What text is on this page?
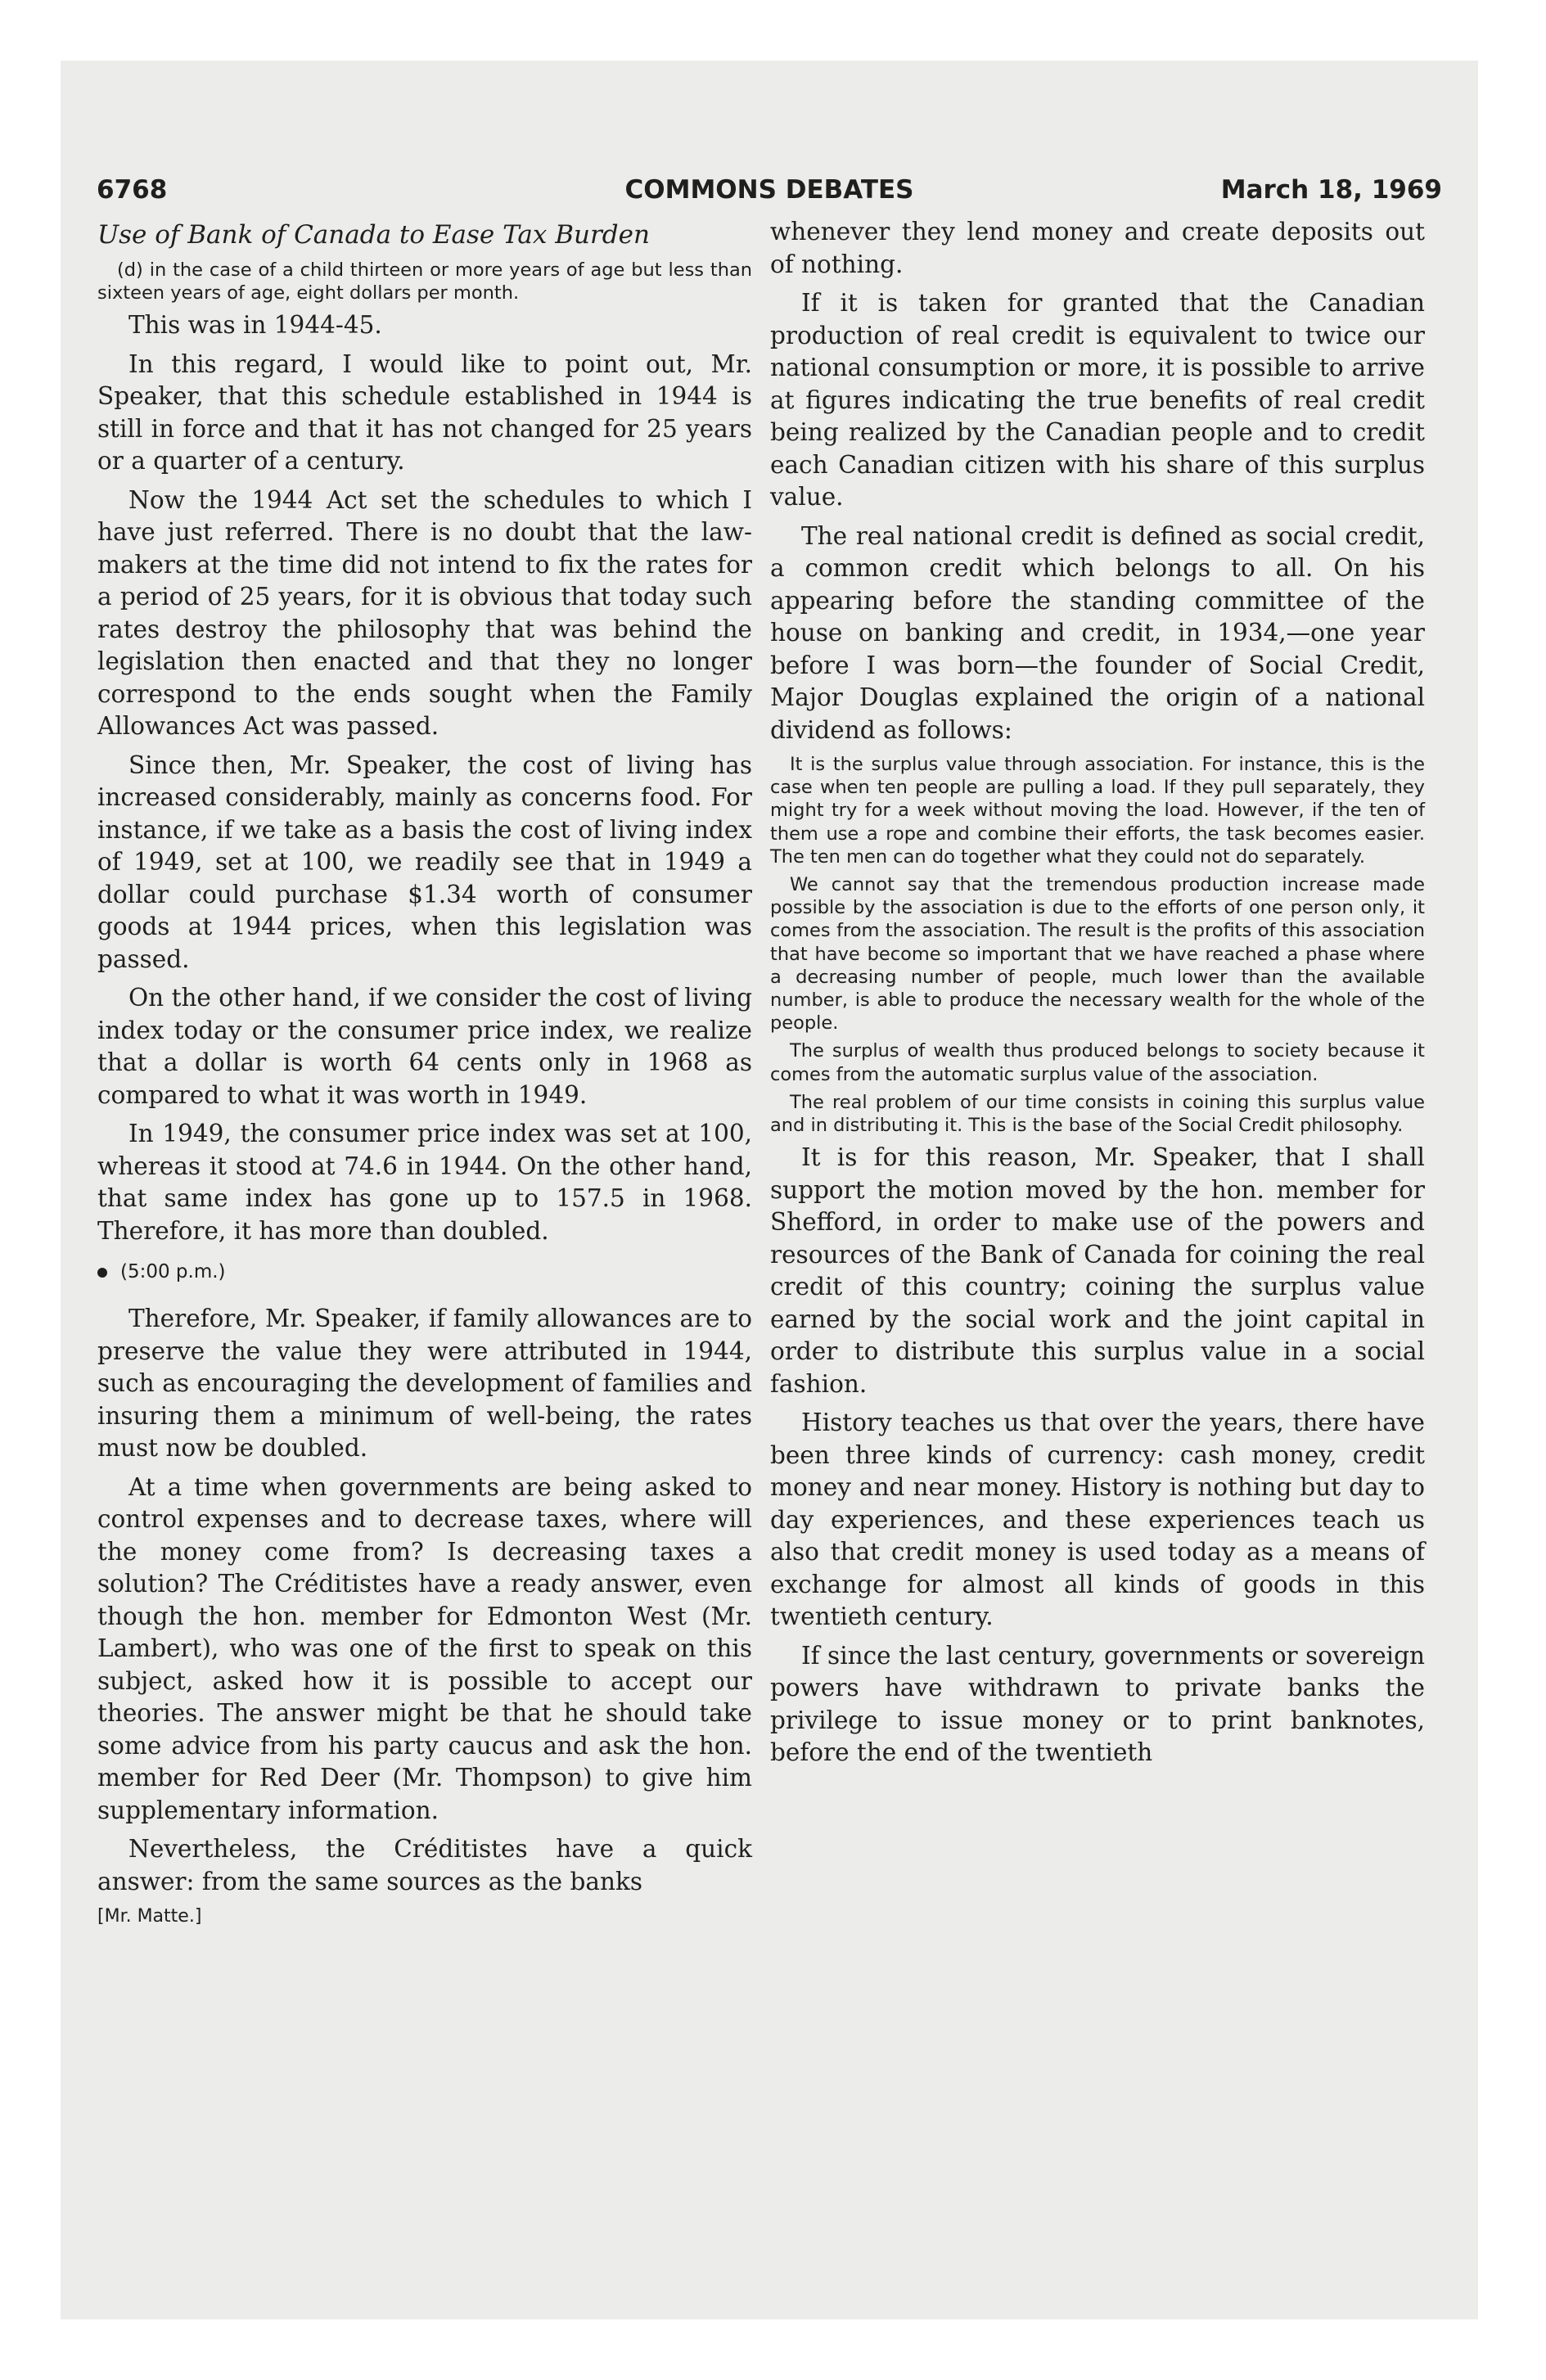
6768	COMMONS DEBATES	March 18, 1969
Use of Bank of Canada to Ease Tax Burden

(d) in the case of a child thirteen or more years of age but less than sixteen years of age, eight dollars per month.

This was in 1944-45.

In this regard, I would like to point out, Mr. Speaker, that this schedule established in 1944 is still in force and that it has not changed for 25 years or a quarter of a century.

Now the 1944 Act set the schedules to which I have just referred. There is no doubt that the law-makers at the time did not intend to fix the rates for a period of 25 years, for it is obvious that today such rates destroy the philosophy that was behind the legislation then enacted and that they no longer correspond to the ends sought when the Family Allowances Act was passed.

Since then, Mr. Speaker, the cost of living has increased considerably, mainly as concerns food. For instance, if we take as a basis the cost of living index of 1949, set at 100, we readily see that in 1949 a dollar could purchase $1.34 worth of consumer goods at 1944 prices, when this legislation was passed.

On the other hand, if we consider the cost of living index today or the consumer price index, we realize that a dollar is worth 64 cents only in 1968 as compared to what it was worth in 1949.

In 1949, the consumer price index was set at 100, whereas it stood at 74.6 in 1944. On the other hand, that same index has gone up to 157.5 in 1968. Therefore, it has more than doubled.

(5:00 p.m.)

Therefore, Mr. Speaker, if family allowances are to preserve the value they were attributed in 1944, such as encouraging the development of families and insuring them a minimum of well-being, the rates must now be doubled.

At a time when governments are being asked to control expenses and to decrease taxes, where will the money come from? Is decreasing taxes a solution? The Créditistes have a ready answer, even though the hon. member for Edmonton West (Mr. Lambert), who was one of the first to speak on this subject, asked how it is possible to accept our theories. The answer might be that he should take some advice from his party caucus and ask the hon. member for Red Deer (Mr. Thompson) to give him supplementary information.

Nevertheless, the Créditistes have a quick answer: from the same sources as the banks

[Mr. Matte.]

whenever they lend money and create deposits out of nothing.

If it is taken for granted that the Canadian production of real credit is equivalent to twice our national consumption or more, it is possible to arrive at figures indicating the true benefits of real credit being realized by the Canadian people and to credit each Canadian citizen with his share of this surplus value.

The real national credit is defined as social credit, a common credit which belongs to all. On his appearing before the standing committee of the house on banking and credit, in 1934,—one year before I was born—the founder of Social Credit, Major Douglas explained the origin of a national dividend as follows:

It is the surplus value through association. For instance, this is the case when ten people are pulling a load. If they pull separately, they might try for a week without moving the load. However, if the ten of them use a rope and combine their efforts, the task becomes easier. The ten men can do together what they could not do separately.

We cannot say that the tremendous production increase made possible by the association is due to the efforts of one person only, it comes from the association. The result is the profits of this association that have become so important that we have reached a phase where a decreasing number of people, much lower than the available number, is able to produce the necessary wealth for the whole of the people.

The surplus of wealth thus produced belongs to society because it comes from the automatic surplus value of the association.

The real problem of our time consists in coining this surplus value and in distributing it. This is the base of the Social Credit philosophy.

It is for this reason, Mr. Speaker, that I shall support the motion moved by the hon. member for Shefford, in order to make use of the powers and resources of the Bank of Canada for coining the real credit of this country; coining the surplus value earned by the social work and the joint capital in order to distribute this surplus value in a social fashion.

History teaches us that over the years, there have been three kinds of currency: cash money, credit money and near money. History is nothing but day to day experiences, and these experiences teach us also that credit money is used today as a means of exchange for almost all kinds of goods in this twentieth century.

If since the last century, governments or sovereign powers have withdrawn to private banks the privilege to issue money or to print banknotes, before the end of the twentieth
